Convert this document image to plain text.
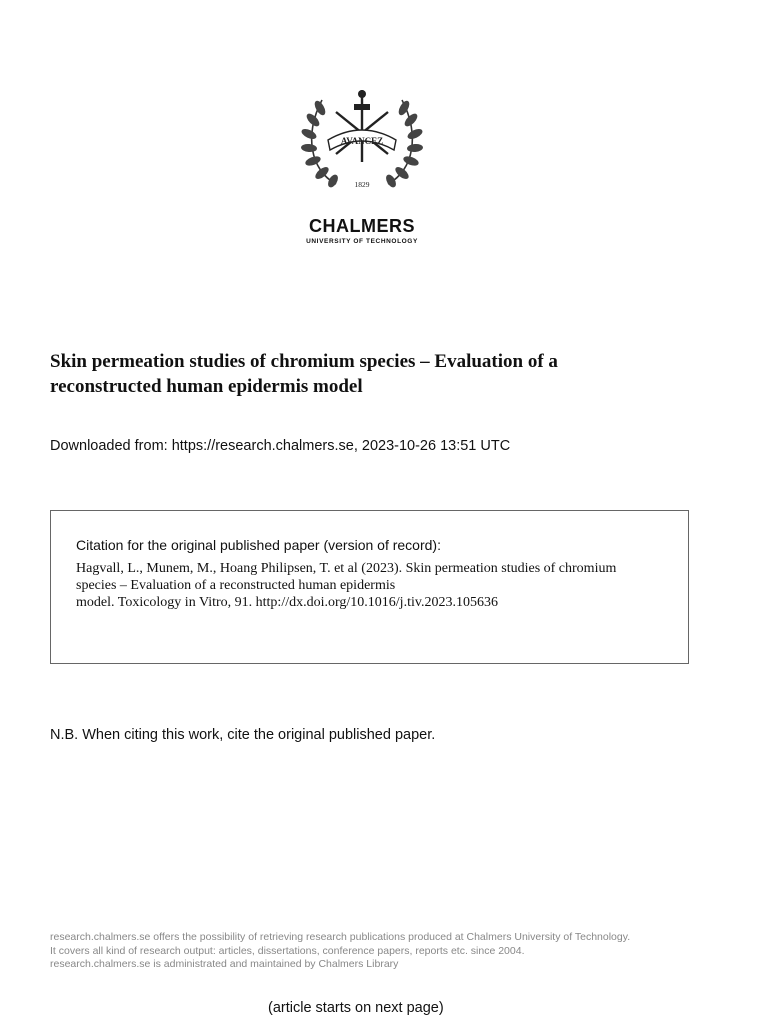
AVANCEZ
1829
CHALMERS
UNIVERSITY OF TECHNOLOGY
Skin permeation studies of chromium species – Evaluation of a
reconstructed human epidermis model
Downloaded from: https://research.chalmers.se, 2023-10-26 13:51 UTC
Citation for the original published paper (version of record):
Hagvall, L., Munem, M., Hoang Philipsen, T. et al (2023). Skin permeation studies of chromium
species – Evaluation of a reconstructed human epidermis
model. Toxicology in Vitro, 91. http://dx.doi.org/10.1016/j.tiv.2023.105636
N.B. When citing this work, cite the original published paper.
research.chalmers.se offers the possibility of retrieving research publications produced at Chalmers University of Technology.
It covers all kind of research output: articles, dissertations, conference papers, reports etc. since 2004.
research.chalmers.se is administrated and maintained by Chalmers Library
(article starts on next page)
